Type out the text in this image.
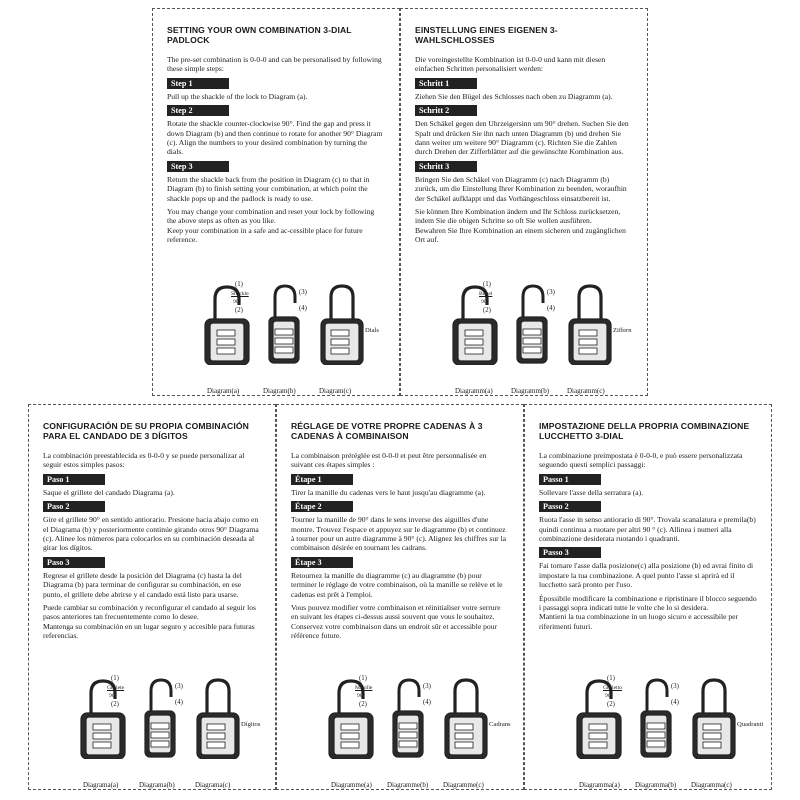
SETTING YOUR OWN COMBINATION 3-DIAL PADLOCK

The pre-set combination is 0-0-0 and can be personalised by following these simple steps:

Step 1

Pull up the shackle of the lock to Diagram (a).

Step 2

Rotate the shackle counter-clockwise 90°. Find the gap and press it down Diagram (b) and then continue to rotate for another 90° Diagram (c). Align the numbers to your desired combination by turning the dials.

Step 3

Return the shackle back from the position in Diagram (c) to that in Diagram (b) to finish setting your combination, at which point the shackle pops up and the padlock is ready to use.

You may change your combination and reset your lock by following the above steps as often as you like.

Keep your combination in a safe and ac-cessible place for future reference.

(1)
Shackle
90°
(2)
Diagram(a)
(3)
(4)
Diagram(b)
Dials
Diagram(c)
EINSTELLUNG EINES EIGENEN 3-WAHLSCHLOSSES

Die voreingestellte Kombination ist 0-0-0 und kann mit diesen einfachen Schritten personalisiert werden:

Schritt 1

Ziehen Sie den Bügel des Schlosses nach oben zu Diagramm (a).

Schritt 2

Den Schäkel gegen den Uhrzeigersinn um 90° drehen. Suchen Sie den Spalt und drücken Sie ihn nach unten Diagramm (b) und drehen Sie dann weiter um weitere 90° Diagramm (c). Richten Sie die Zahlen durch Drehen der Zifferblätter auf die gewünschte Kombination aus.

Schritt 3

Bringen Sie den Schäkel von Diagramm (c) nach Diagramm (b) zurück, um die Einstellung Ihrer Kombination zu beenden, woraufhin der Schäkel aufklappt und das Vorhängeschloss einsatzbereit ist.

Sie können Ihre Kombination ändern und Ihr Schloss zurücksetzen, indem Sie die obigen Schritte so oft Sie wollen ausführen.

Bewahren Sie Ihre Kombination an einem sicheren und zugänglichen Ort auf.

(1)
Bügel
90°
(2)
Diagramm(a)
(3)
(4)
Diagramm(b)
Ziffern
Diagramm(c)
CONFIGURACIÓN DE SU PROPIA COMBINACIÓN PARA EL CANDADO DE 3 DÍGITOS

La combinación preestablecida es 0-0-0 y se puede personalizar al seguir estos simples pasos:

Paso 1

Saque el grillete del candado Diagrama (a).

Paso 2

Gire el grillete 90° en sentido antiorario. Presione hacia abajo como en el Diagrama (b) y posteriormente continúe girando otros 90° Diagrama (c). Alinee los números para colocarlos en su combinación deseada al girar los dígitos.

Paso 3

Regrese el grillete desde la posición del Diagrama (c) hasta la del Diagrama (b) para terminar de configurar su combinación, en ese punto, el grillete debe abrirse y el candado está listo para usarse.

Puede cambiar su combinación y reconfigurar el candado al seguir los pasos anteriores tan frecuentemente como lo desee.

Mantenga su combinación en un lugar seguro y accesible para futuras referencias.

(1)
Grillete
90°
(2)
Diagrama(a)
(3)
(4)
Diagrama(b)
Dígitos
Diagrama(c)
RÉGLAGE DE VOTRE PROPRE CADENAS À 3 CADENAS À COMBINAISON

La combinaison préréglée est 0-0-0 et peut être personnalisée en suivant ces étapes simples :

Étape 1

Tirer la manille du cadenas vers le haut jusqu'au diagramme (a).

Étape 2

Tourner la manille de 90° dans le sens inverse des aiguilles d'une montre. Trouvez l'espace et appuyez sur le diagramme (b) et continuez à tourner pour un autre diagramme à 90° (c). Alignez les chiffres sur la combinaison désirée en tournant les cadrans.

Étape 3

Retournez la manille du diagramme (c) au diagramme (b) pour terminer le réglage de votre combinaison, où la manille se relève et le cadenas est prêt à l'emploi.

Vous pouvez modifier votre combinaison et réinitialiser votre serrure en suivant les étapes ci-dessus aussi souvent que vous le souhaitez.

Conservez votre combinaison dans un endroit sûr et accessible pour référence future.

(1)
Manille
90°
(2)
Diagramme(a)
(3)
(4)
Diagramme(b)
Cadrans
Diagramme(c)
IMPOSTAZIONE DELLA PROPRIA COMBINAZIONE LUCCHETTO 3-DIAL

La combinazione preimpostata è 0-0-0, e può essere personalizzata seguendo questi semplici passaggi:

Passo 1

Sollevare l'asse della serratura (a).

Passo 2

Ruota l'asse in senso antiorario di 90°. Trovala scanalatura e premila(b) quindi continua a ruotare per altri 90 ° (c). Allinea i numeri alla combinazione desiderata ruotando i quadranti.

Passo 3

Fai tornare l'asse dalla posizione(c) alla posizione (b) ed avrai finito di impostare la tua combinazione. A quel punto l'asse si aprirà ed il lucchetto sarà pronto per l'uso.

Èpossibile modificare la combinazione e ripristinare il blocco seguendo i passaggi sopra indicati tutte le volte che lo si desidera.

Mantieni la tua combinazione in un luogo sicuro e accessibile per riferimenti futuri.

(1)
Grilletto
90°
(2)
Diagramma(a)
(3)
(4)
Diagramma(b)
Quadranti
Diagramma(c)
